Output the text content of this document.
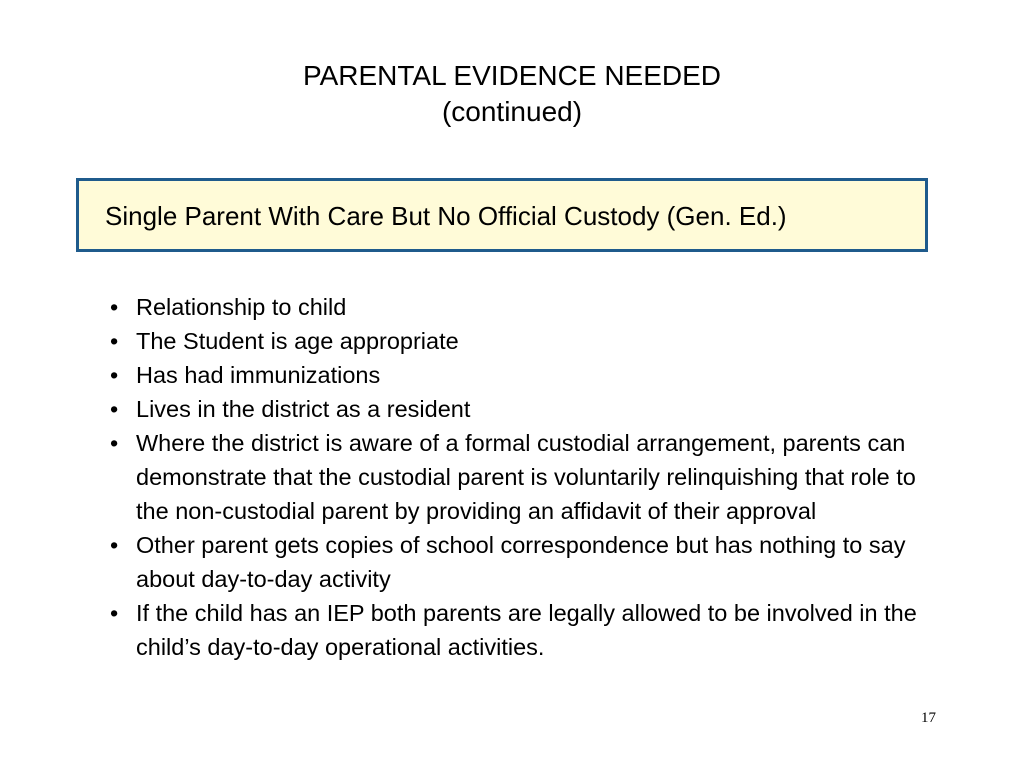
PARENTAL EVIDENCE NEEDED
(continued)
Single Parent With Care But No Official Custody (Gen. Ed.)
• Relationship to child
• The Student is age appropriate
• Has had immunizations
• Lives in the district as a resident
• Where the district is aware of a formal custodial arrangement, parents can demonstrate that the custodial parent is voluntarily relinquishing that role to the non-custodial parent by providing an affidavit of their approval
• Other parent gets copies of school correspondence but has nothing to say about day-to-day activity
• If the child has an IEP both parents are legally allowed to be involved in the child’s day-to-day operational activities.
17
